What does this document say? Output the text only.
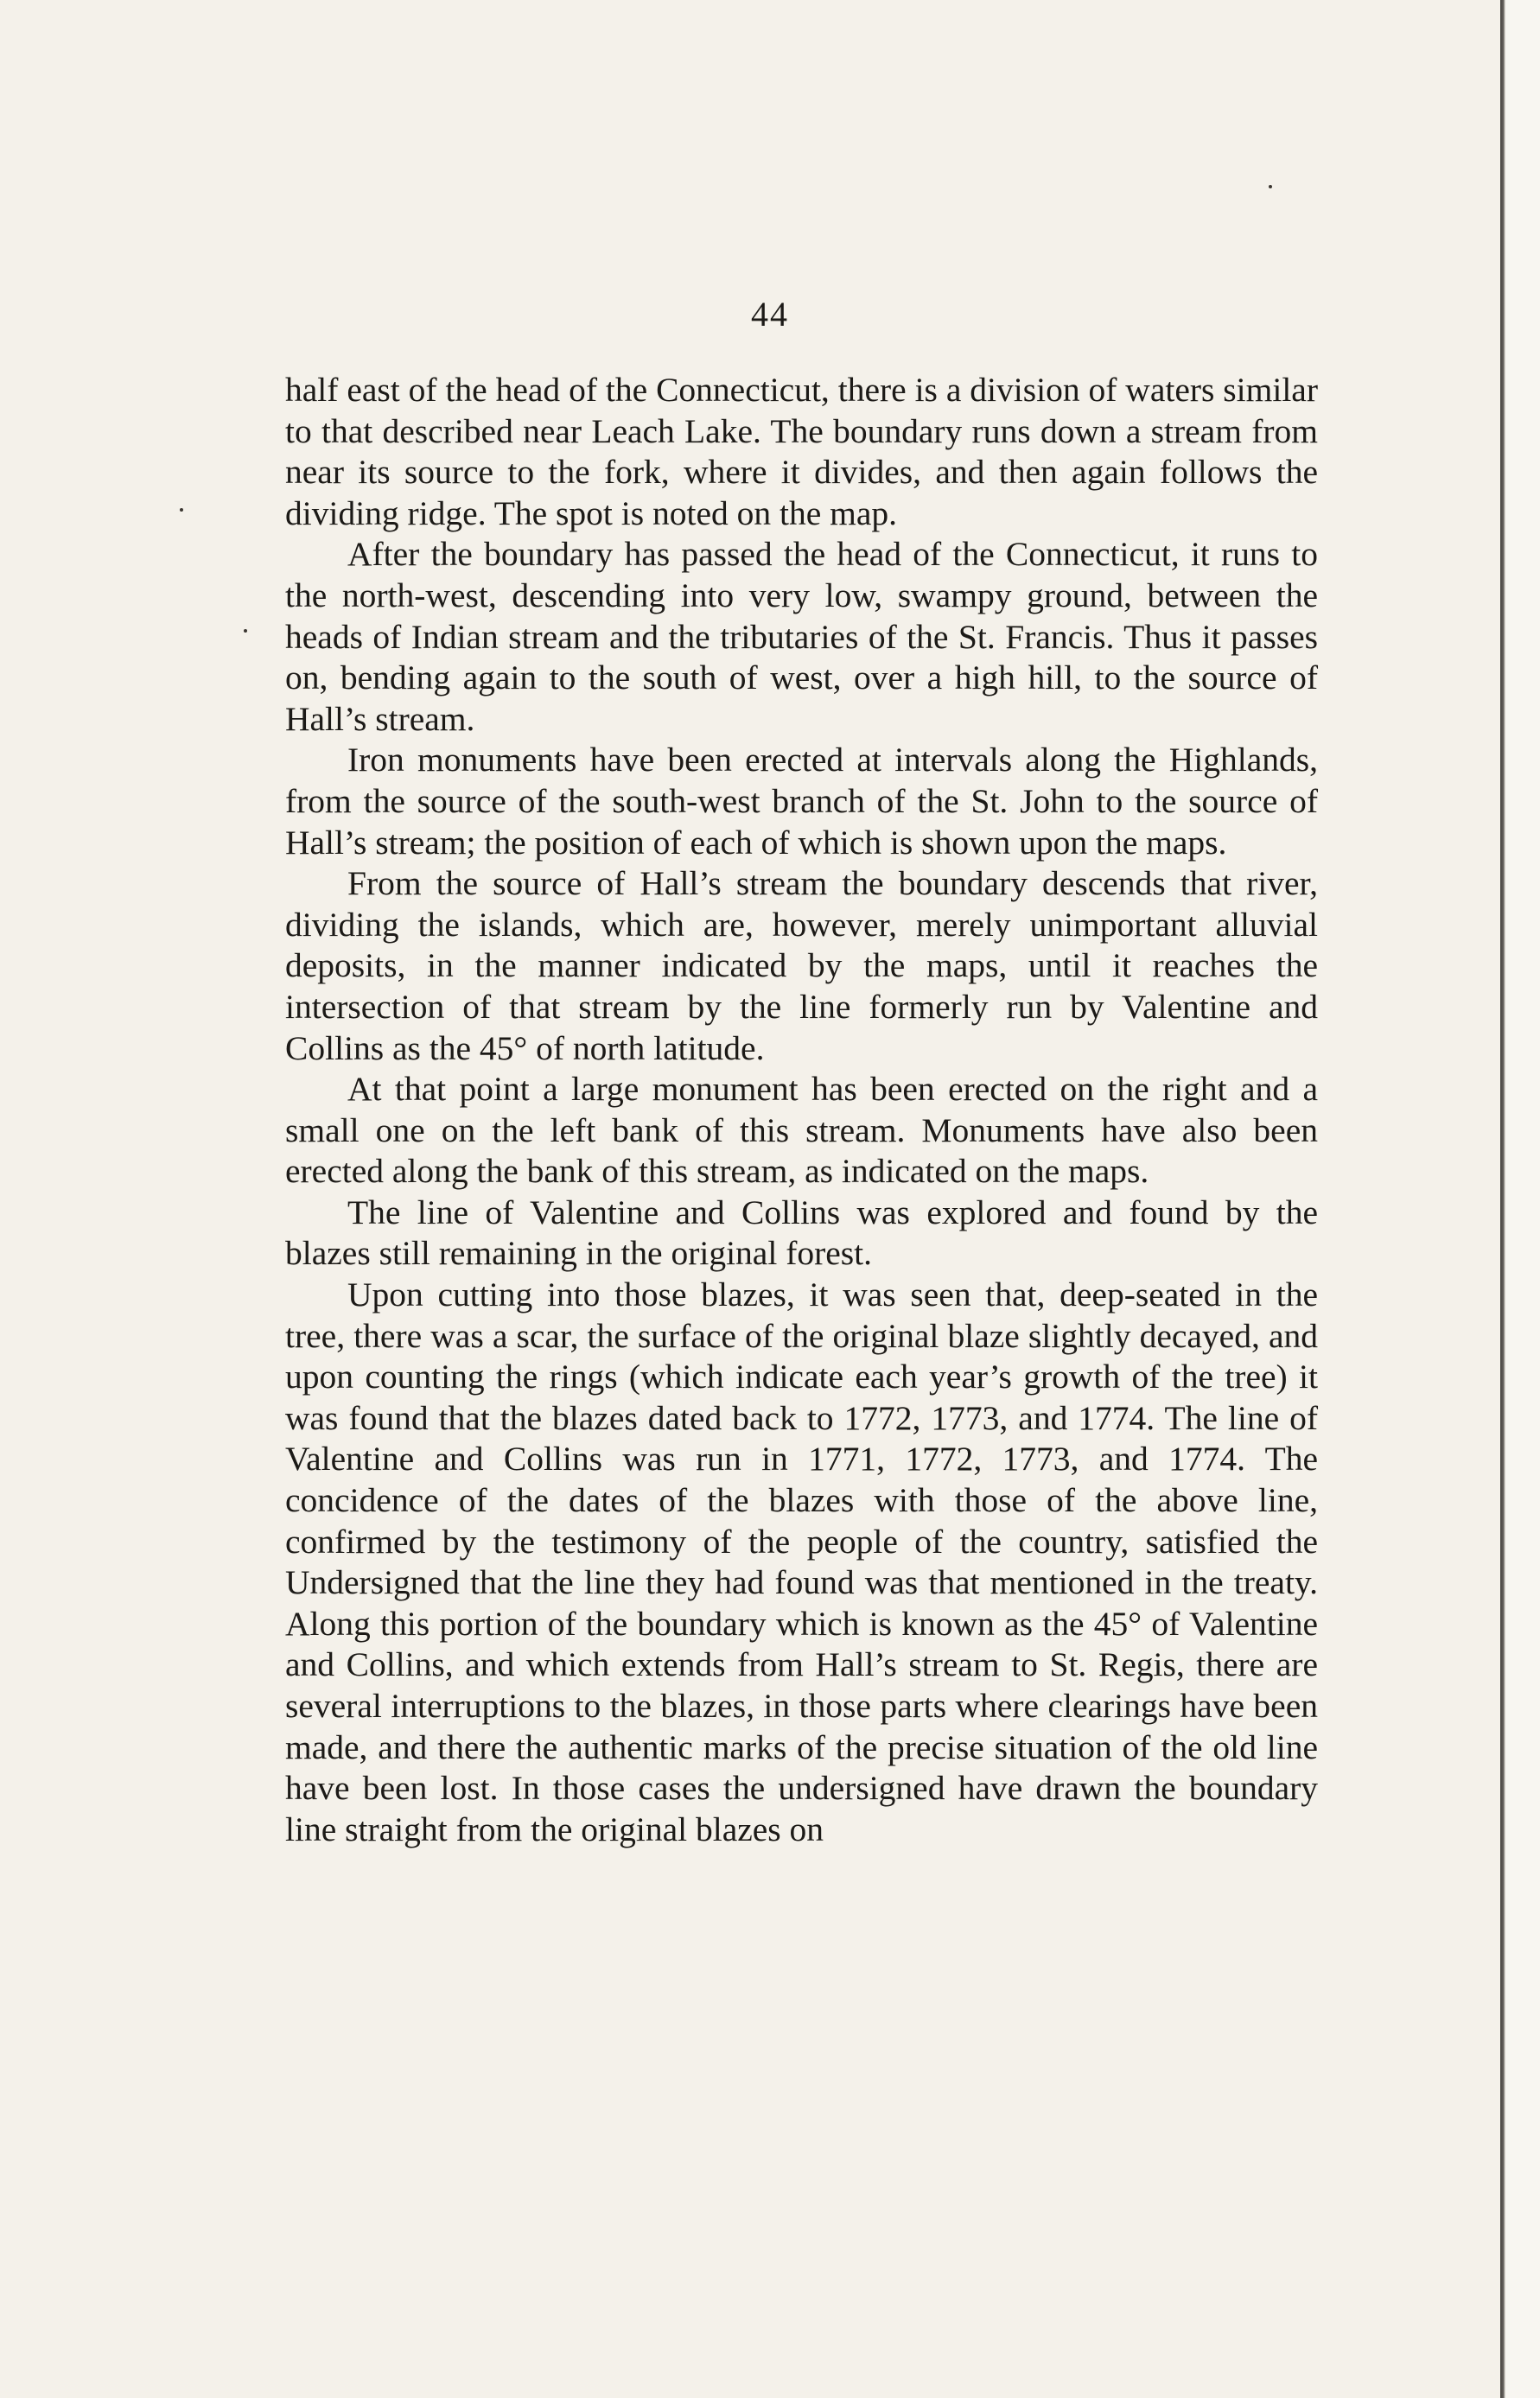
44

half east of the head of the Connecticut, there is a division of waters similar to that described near Leach Lake. The boundary runs down a stream from near its source to the fork, where it divides, and then again follows the dividing ridge. The spot is noted on the map.

After the boundary has passed the head of the Connecticut, it runs to the north-west, descending into very low, swampy ground, between the heads of Indian stream and the tributaries of the St. Francis. Thus it passes on, bending again to the south of west, over a high hill, to the source of Hall’s stream.

Iron monuments have been erected at intervals along the Highlands, from the source of the south-west branch of the St. John to the source of Hall’s stream; the position of each of which is shown upon the maps.

From the source of Hall’s stream the boundary descends that river, dividing the islands, which are, however, merely unimportant alluvial deposits, in the manner indicated by the maps, until it reaches the intersection of that stream by the line formerly run by Valentine and Collins as the 45° of north latitude.

At that point a large monument has been erected on the right and a small one on the left bank of this stream. Monuments have also been erected along the bank of this stream, as indicated on the maps.

The line of Valentine and Collins was explored and found by the blazes still remaining in the original forest.

Upon cutting into those blazes, it was seen that, deep-seated in the tree, there was a scar, the surface of the original blaze slightly decayed, and upon counting the rings (which indicate each year’s growth of the tree) it was found that the blazes dated back to 1772, 1773, and 1774. The line of Valentine and Collins was run in 1771, 1772, 1773, and 1774. The concidence of the dates of the blazes with those of the above line, confirmed by the testimony of the people of the country, satisfied the Undersigned that the line they had found was that mentioned in the treaty. Along this portion of the boundary which is known as the 45° of Valentine and Collins, and which extends from Hall’s stream to St. Regis, there are several interruptions to the blazes, in those parts where clearings have been made, and there the authentic marks of the precise situation of the old line have been lost. In those cases the undersigned have drawn the boundary line straight from the original blazes on
